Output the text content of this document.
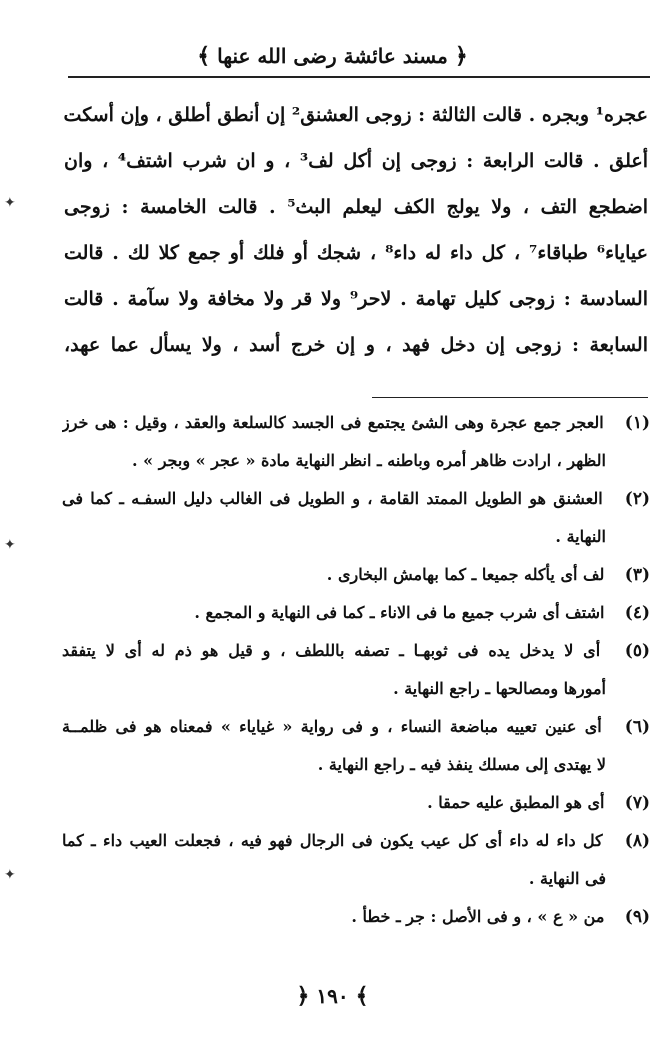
﴿ مسند عائشة رضى الله عنها ﴾
عجره¹ وبجره . قالت الثالثة : زوجى العشنق² إن أنطق أطلق ، وإن أسكت
أعلق . قالت الرابعة : زوجى إن أكل لف³ ، و ان شرب اشتف⁴ ، وان
اضطجع التف ، ولا يولج الكف ليعلم البث⁵ . قالت الخامسة : زوجى
عياياء⁶ طباقاء⁷ ، كل داء له داء⁸ ، شجك أو فلك أو جمع كلا لك . قالت
السادسة : زوجى كليل تهامة . لاحر⁹ ولا قر ولا مخافة ولا سآمة . قالت
السابعة : زوجى إن دخل فهد ، و إن خرج أسد ، ولا يسأل عما عهد،
(١) العجر جمع عجرة وهى الشئ يجتمع فى الجسد كالسلعة والعقد ، وقيل : هى خرز
الظهر ، ارادت ظاهر أمره وباطنه ـ انظر النهاية مادة « عجر » وبجر » .
(٢) العشنق هو الطويل الممتد القامة ، و الطويل فى الغالب دليل السفـه ـ كما فى
النهاية .
(٣) لف أى يأكله جميعا ـ كما بهامش البخارى .
(٤) اشتف أى شرب جميع ما فى الاناء ـ كما فى النهاية و المجمع .
(٥) أى لا يدخل يده فى ثوبهـا ـ تصفه باللطف ، و قيل هو ذم له أى لا يتفقد
أمورها ومصالحها ـ راجع النهاية .
(٦) أى عنين تعييه مباضعة النساء ، و فى رواية « غياياء » فمعناه هو فى ظلمــة
لا يهتدى إلى مسلك ينفذ فيه ـ راجع النهاية .
(٧) أى هو المطبق عليه حمقا .
(٨) كل داء له داء أى كل عيب يكون فى الرجال فهو فيه ، فجعلت العيب داء ـ كما
فى النهاية .
(٩) من « ع » ، و فى الأصل : جر ـ خطأ .
﴿ ١٩٠ ﴾
✦
✦
✦
